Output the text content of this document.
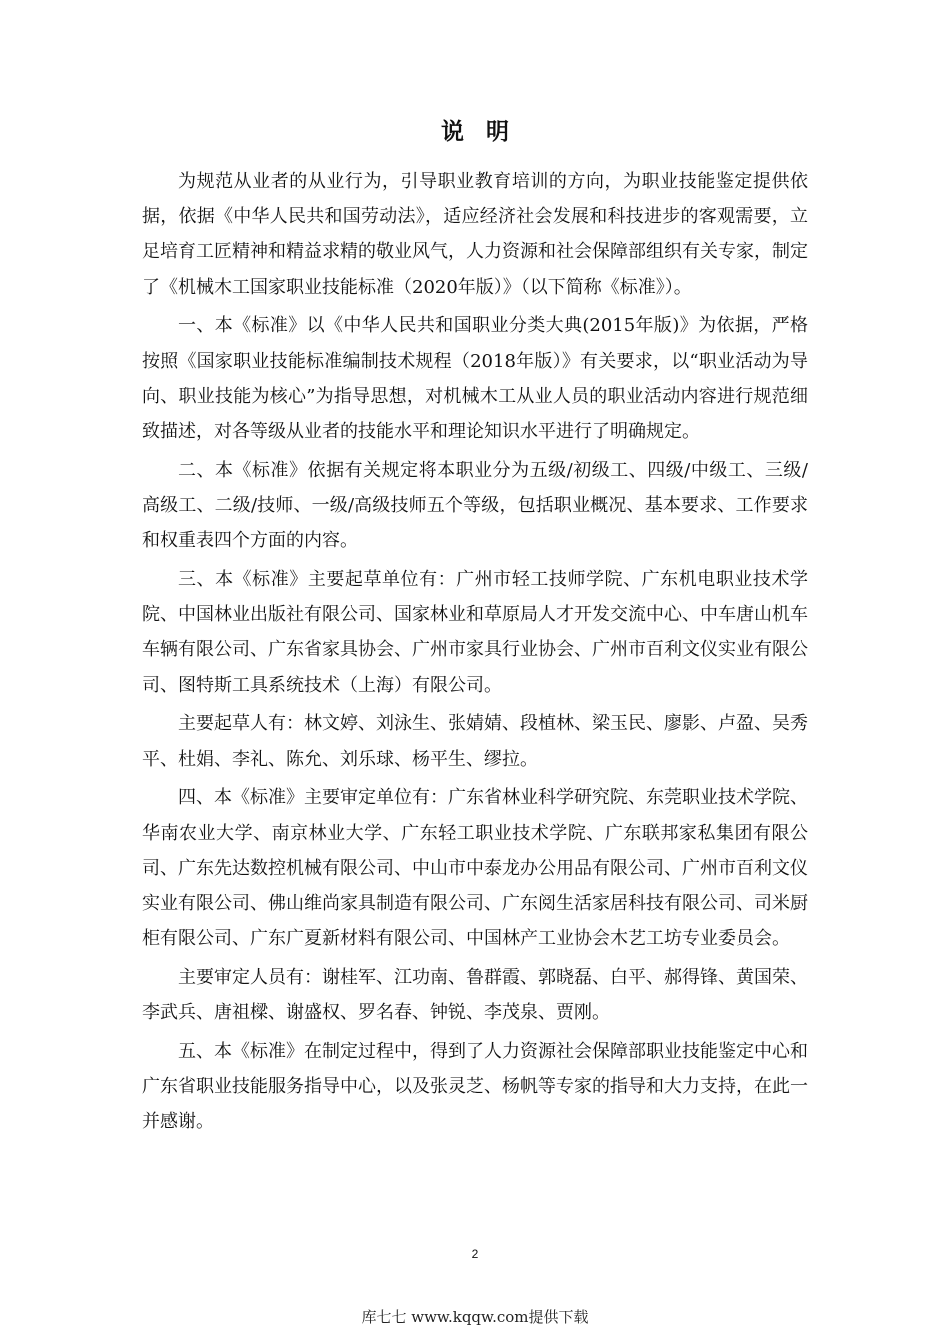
说明

为规范从业者的从业行为，引导职业教育培训的方向，为职业技能鉴定提供依据，依据《中华人民共和国劳动法》，适应经济社会发展和科技进步的客观需要，立足培育工匠精神和精益求精的敬业风气，人力资源和社会保障部组织有关专家，制定了《机械木工国家职业技能标准（2020年版）》（以下简称《标准》）。

一、本《标准》以《中华人民共和国职业分类大典(2015年版)》为依据，严格按照《国家职业技能标准编制技术规程（2018年版）》有关要求，以“职业活动为导向、职业技能为核心”为指导思想，对机械木工从业人员的职业活动内容进行规范细致描述，对各等级从业者的技能水平和理论知识水平进行了明确规定。

二、本《标准》依据有关规定将本职业分为五级/初级工、四级/中级工、三级/高级工、二级/技师、一级/高级技师五个等级，包括职业概况、基本要求、工作要求和权重表四个方面的内容。

三、本《标准》主要起草单位有：广州市轻工技师学院、广东机电职业技术学院、中国林业出版社有限公司、国家林业和草原局人才开发交流中心、中车唐山机车车辆有限公司、广东省家具协会、广州市家具行业协会、广州市百利文仪实业有限公司、图特斯工具系统技术（上海）有限公司。

主要起草人有：林文婷、刘泳生、张婧婧、段植林、梁玉民、廖影、卢盈、吴秀平、杜娟、李礼、陈允、刘乐球、杨平生、缪拉。

四、本《标准》主要审定单位有：广东省林业科学研究院、东莞职业技术学院、华南农业大学、南京林业大学、广东轻工职业技术学院、广东联邦家私集团有限公司、广东先达数控机械有限公司、中山市中泰龙办公用品有限公司、广州市百利文仪实业有限公司、佛山维尚家具制造有限公司、广东阅生活家居科技有限公司、司米厨柜有限公司、广东广夏新材料有限公司、中国林产工业协会木艺工坊专业委员会。

主要审定人员有：谢桂军、江功南、鲁群霞、郭晓磊、白平、郝得锋、黄国荣、李武兵、唐祖樑、谢盛权、罗名春、钟锐、李茂泉、贾刚。

五、本《标准》在制定过程中，得到了人力资源社会保障部职业技能鉴定中心和广东省职业技能服务指导中心，以及张灵芝、杨帆等专家的指导和大力支持，在此一并感谢。

2
库七七 www.kqqw.com提供下载
